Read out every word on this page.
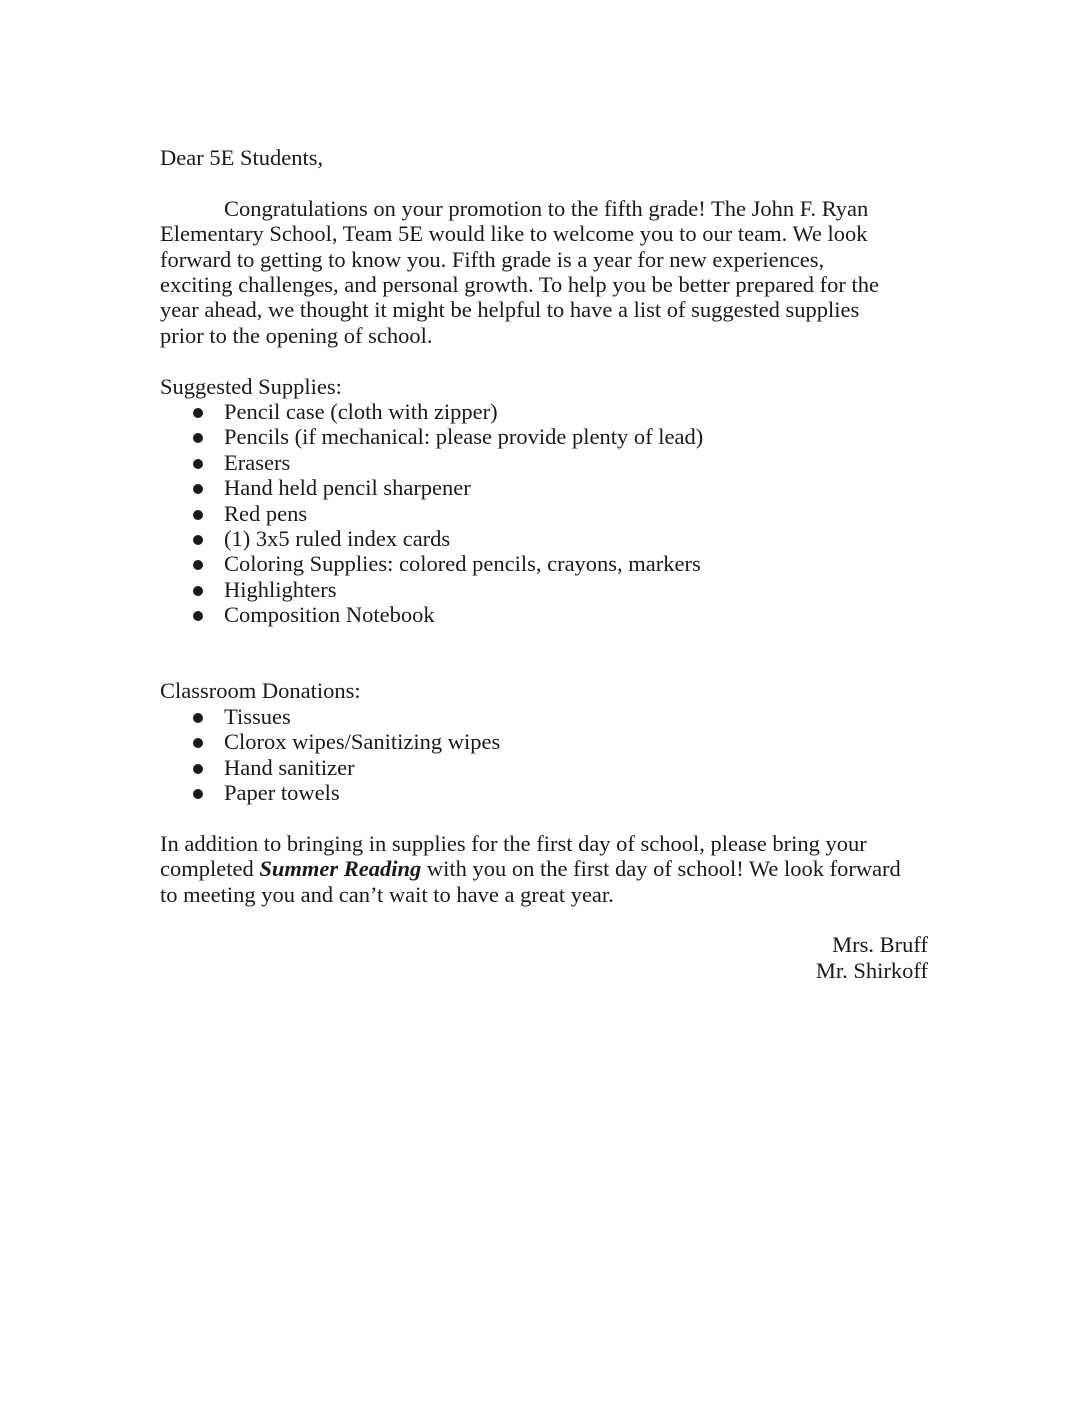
Dear 5E Students,

Congratulations on your promotion to the fifth grade! The John F. Ryan
Elementary School, Team 5E would like to welcome you to our team. We look
forward to getting to know you. Fifth grade is a year for new experiences,
exciting challenges, and personal growth. To help you be better prepared for the
year ahead, we thought it might be helpful to have a list of suggested supplies
prior to the opening of school.

Suggested Supplies:

Pencil case (cloth with zipper)
Pencils (if mechanical: please provide plenty of lead)
Erasers
Hand held pencil sharpener
Red pens
(1) 3x5 ruled index cards
Coloring Supplies: colored pencils, crayons, markers
Highlighters
Composition Notebook

Classroom Donations:

Tissues
Clorox wipes/Sanitizing wipes
Hand sanitizer
Paper towels

In addition to bringing in supplies for the first day of school, please bring your
completed Summer Reading with you on the first day of school! We look forward
to meeting you and can’t wait to have a great year.

Mrs. Bruff

Mr. Shirkoff
